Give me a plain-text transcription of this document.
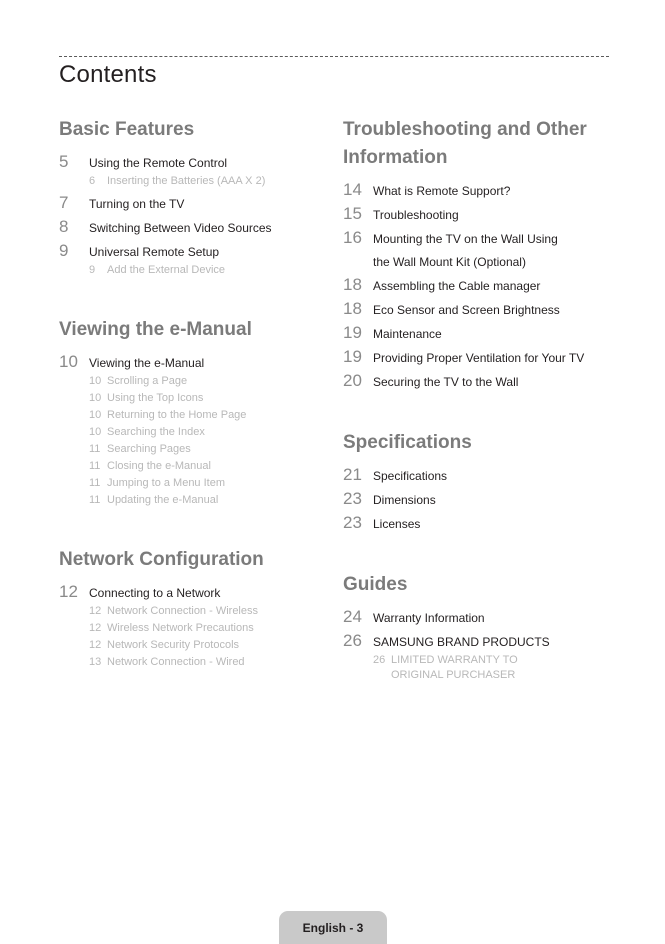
Contents
Basic Features
5	Using the Remote Control
6	Inserting the Batteries (AAA X 2)
7	Turning on the TV
8	Switching Between Video Sources
9	Universal Remote Setup
9	Add the External Device
Viewing the e-Manual
10 Viewing the e-Manual
10 Scrolling a Page
10 Using the Top Icons
10 Returning to the Home Page
10 Searching the Index
11 Searching Pages
11 Closing the e-Manual
11 Jumping to a Menu Item
11 Updating the e-Manual
Network Configuration
12 Connecting to a Network
12 Network Connection - Wireless
12 Wireless Network Precautions
12 Network Security Protocols
13 Network Connection - Wired
Troubleshooting and Other Information
14 What is Remote Support?
15 Troubleshooting
16 Mounting the TV on the Wall Using
the Wall Mount Kit (Optional)
18 Assembling the Cable manager
18 Eco Sensor and Screen Brightness
19 Maintenance
19 Providing Proper Ventilation for Your TV
20 Securing the TV to the Wall
Specifications
21 Specifications
23 Dimensions
23 Licenses
Guides
24 Warranty Information
26 SAMSUNG BRAND PRODUCTS
26 LIMITED WARRANTY TO
ORIGINAL PURCHASER
English - 3
